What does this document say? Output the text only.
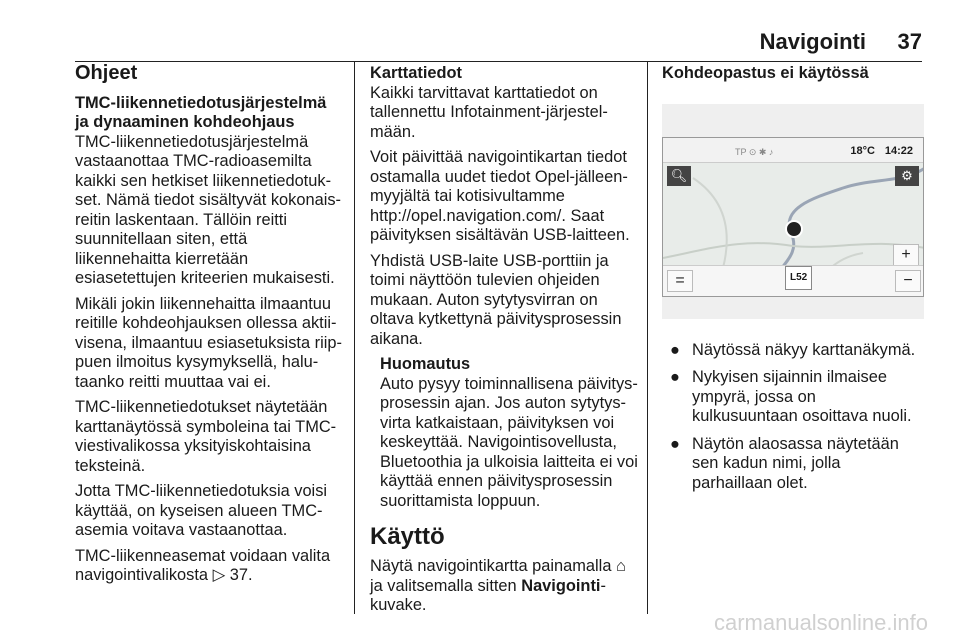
Navigointi 37
Ohjeet

TMC-liikennetiedotusjärjestelmä ja dynaaminen kohdeohjaus

TMC-liikennetiedotusjärjestelmä vastaanottaa TMC-radioasemilta kaikki sen hetkiset liikennetiedotukset. Nämä tiedot sisältyvät kokonaisreitin laskentaan. Tällöin reitti suunnitellaan siten, että liikennehaitta kierretään esiasetettujen kriteerien mukaisesti.

Mikäli jokin liikennehaitta ilmaantuu reitille kohdeohjauksen ollessa aktiivisena, ilmaantuu esiasetuksista riippuen ilmoitus kysymyksellä, halutaanko reitti muuttaa vai ei.

TMC-liikennetiedotukset näytetään karttanäytössä symboleina tai TMC-viestivalikossa yksityiskohtaisina teksteinä.

Jotta TMC-liikennetiedotuksia voisi käyttää, on kyseisen alueen TMC-asemia voitava vastaanottaa.

TMC-liikenneasemat voidaan valita navigointivalikosta ▷ 37.

Karttatiedot

Kaikki tarvittavat karttatiedot on tallennettu Infotainment-järjestelmään.

Voit päivittää navigointikartan tiedot ostamalla uudet tiedot Opel-jälleenmyyjältä tai kotisivultamme http://opel.navigation.com/. Saat päivityksen sisältävän USB-laitteen.

Yhdistä USB-laite USB-porttiin ja toimi näyttöön tulevien ohjeiden mukaan. Auton sytytysvirran on oltava kytkettynä päivitysprosessin aikana.

Huomautus
Auto pysyy toiminnallisena päivitysprosessin ajan. Jos auton sytytysvirta katkaistaan, päivityksen voi keskeyttää. Navigointisovellusta, Bluetoothia ja ulkoisia laitteita ei voi käyttää ennen päivitysprosessin suorittamista loppuun.
Käyttö

Näytä navigointikartta painamalla ⌂ ja valitsemalla sitten Navigointi-kuvake.

Kohdeopastus ei käytössä

TP ⊙ ✱ ♪	18°C 14:22
🔍︎	⚙
+
=	L52	−
● Näytössä näkyy karttanäkymä.
● Nykyisen sijainnin ilmaisee ympyrä, jossa on kulkusuuntaan osoittava nuoli.
● Näytön alaosassa näytetään sen kadun nimi, jolla parhaillaan olet.
carmanualsonline.info
